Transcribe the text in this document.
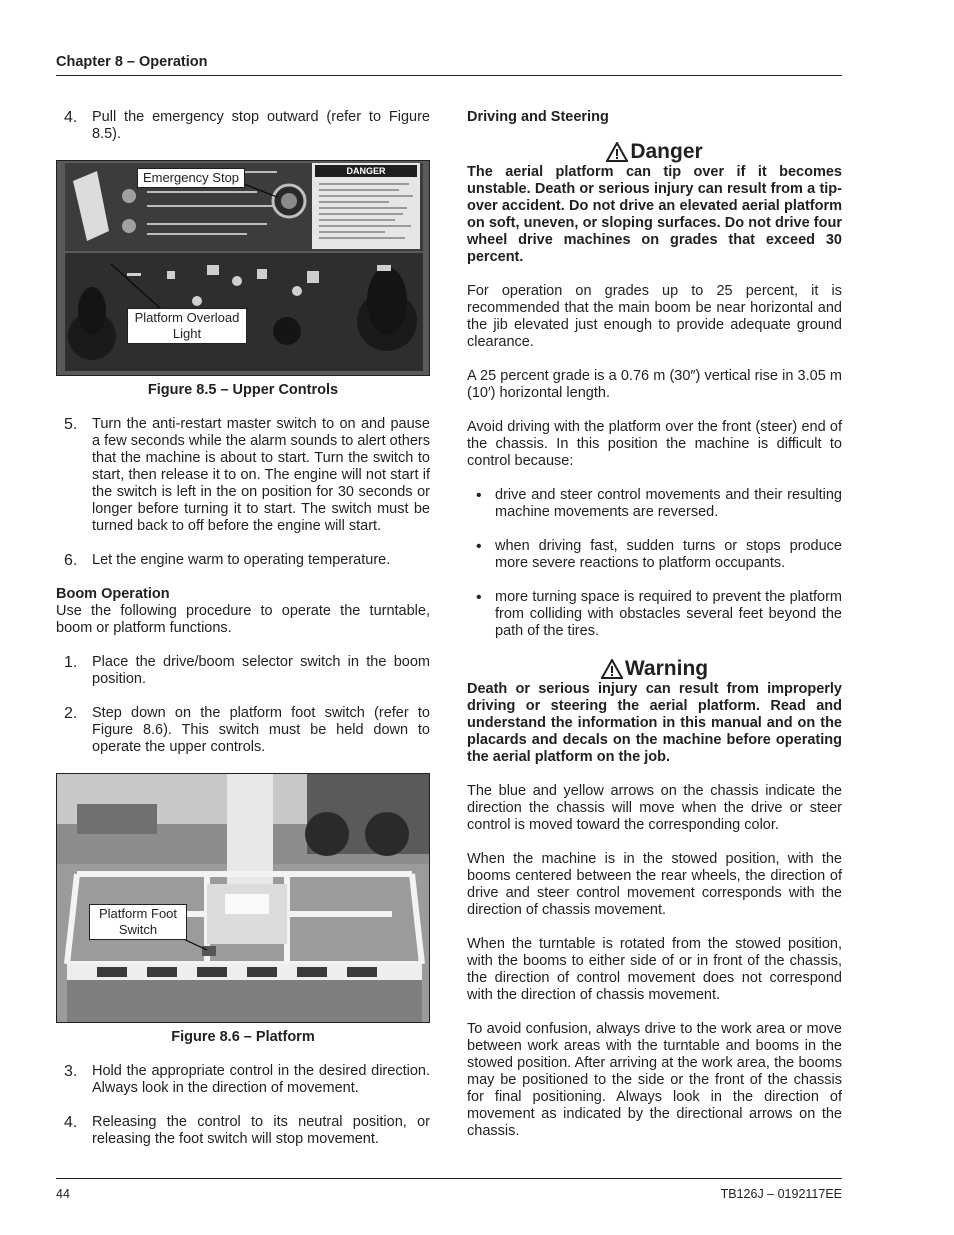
Chapter 8 – Operation
4. Pull the emergency stop outward (refer to Figure 8.5).

DANGER
Emergency Stop
Platform Overload
Light
Figure 8.5 – Upper Controls
5. Turn the anti-restart master switch to on and pause a few seconds while the alarm sounds to alert others that the machine is about to start. Turn the switch to start, then release it to on. The engine will not start if the switch is left in the on position for 30 seconds or longer before turning it to start. The switch must be turned back to off before the engine will start.

6. Let the engine warm to operating temperature.

Boom Operation

Use the following procedure to operate the turntable, boom or platform functions.

1. Place the drive/boom selector switch in the boom position.

2. Step down on the platform foot switch (refer to Figure 8.6). This switch must be held down to operate the upper controls.

Platform Foot
Switch
Figure 8.6 – Platform
3. Hold the appropriate control in the desired direction. Always look in the direction of movement.

4. Releasing the control to its neutral position, or releasing the foot switch will stop movement.

Driving and Steering
Danger

The aerial platform can tip over if it becomes unstable. Death or serious injury can result from a tip-over accident. Do not drive an elevated aerial platform on soft, uneven, or sloping surfaces. Do not drive four wheel drive machines on grades that exceed 30 percent.

For operation on grades up to 25 percent, it is recommended that the main boom be near horizontal and the jib elevated just enough to provide adequate ground clearance.

A 25 percent grade is a 0.76 m (30″) vertical rise in 3.05 m (10′) horizontal length.

Avoid driving with the platform over the front (steer) end of the chassis. In this position the machine is difficult to control because:

• drive and steer control movements and their resulting machine movements are reversed.

• when driving fast, sudden turns or stops produce more severe reactions to platform occupants.

• more turning space is required to prevent the platform from colliding with obstacles several feet beyond the path of the tires.

Warning

Death or serious injury can result from improperly driving or steering the aerial platform. Read and understand the information in this manual and on the placards and decals on the machine before operating the aerial platform on the job.

The blue and yellow arrows on the chassis indicate the direction the chassis will move when the drive or steer control is moved toward the corresponding color.

When the machine is in the stowed position, with the booms centered between the rear wheels, the direction of drive and steer control movement corresponds with the direction of chassis movement.

When the turntable is rotated from the stowed position, with the booms to either side of or in front of the chassis, the direction of control movement does not correspond with the direction of chassis movement.

To avoid confusion, always drive to the work area or move between work areas with the turntable and booms in the stowed position. After arriving at the work area, the booms may be positioned to the side or the front of the chassis for final positioning. Always look in the direction of movement as indicated by the directional arrows on the chassis.

44	TB126J – 0192117EE
